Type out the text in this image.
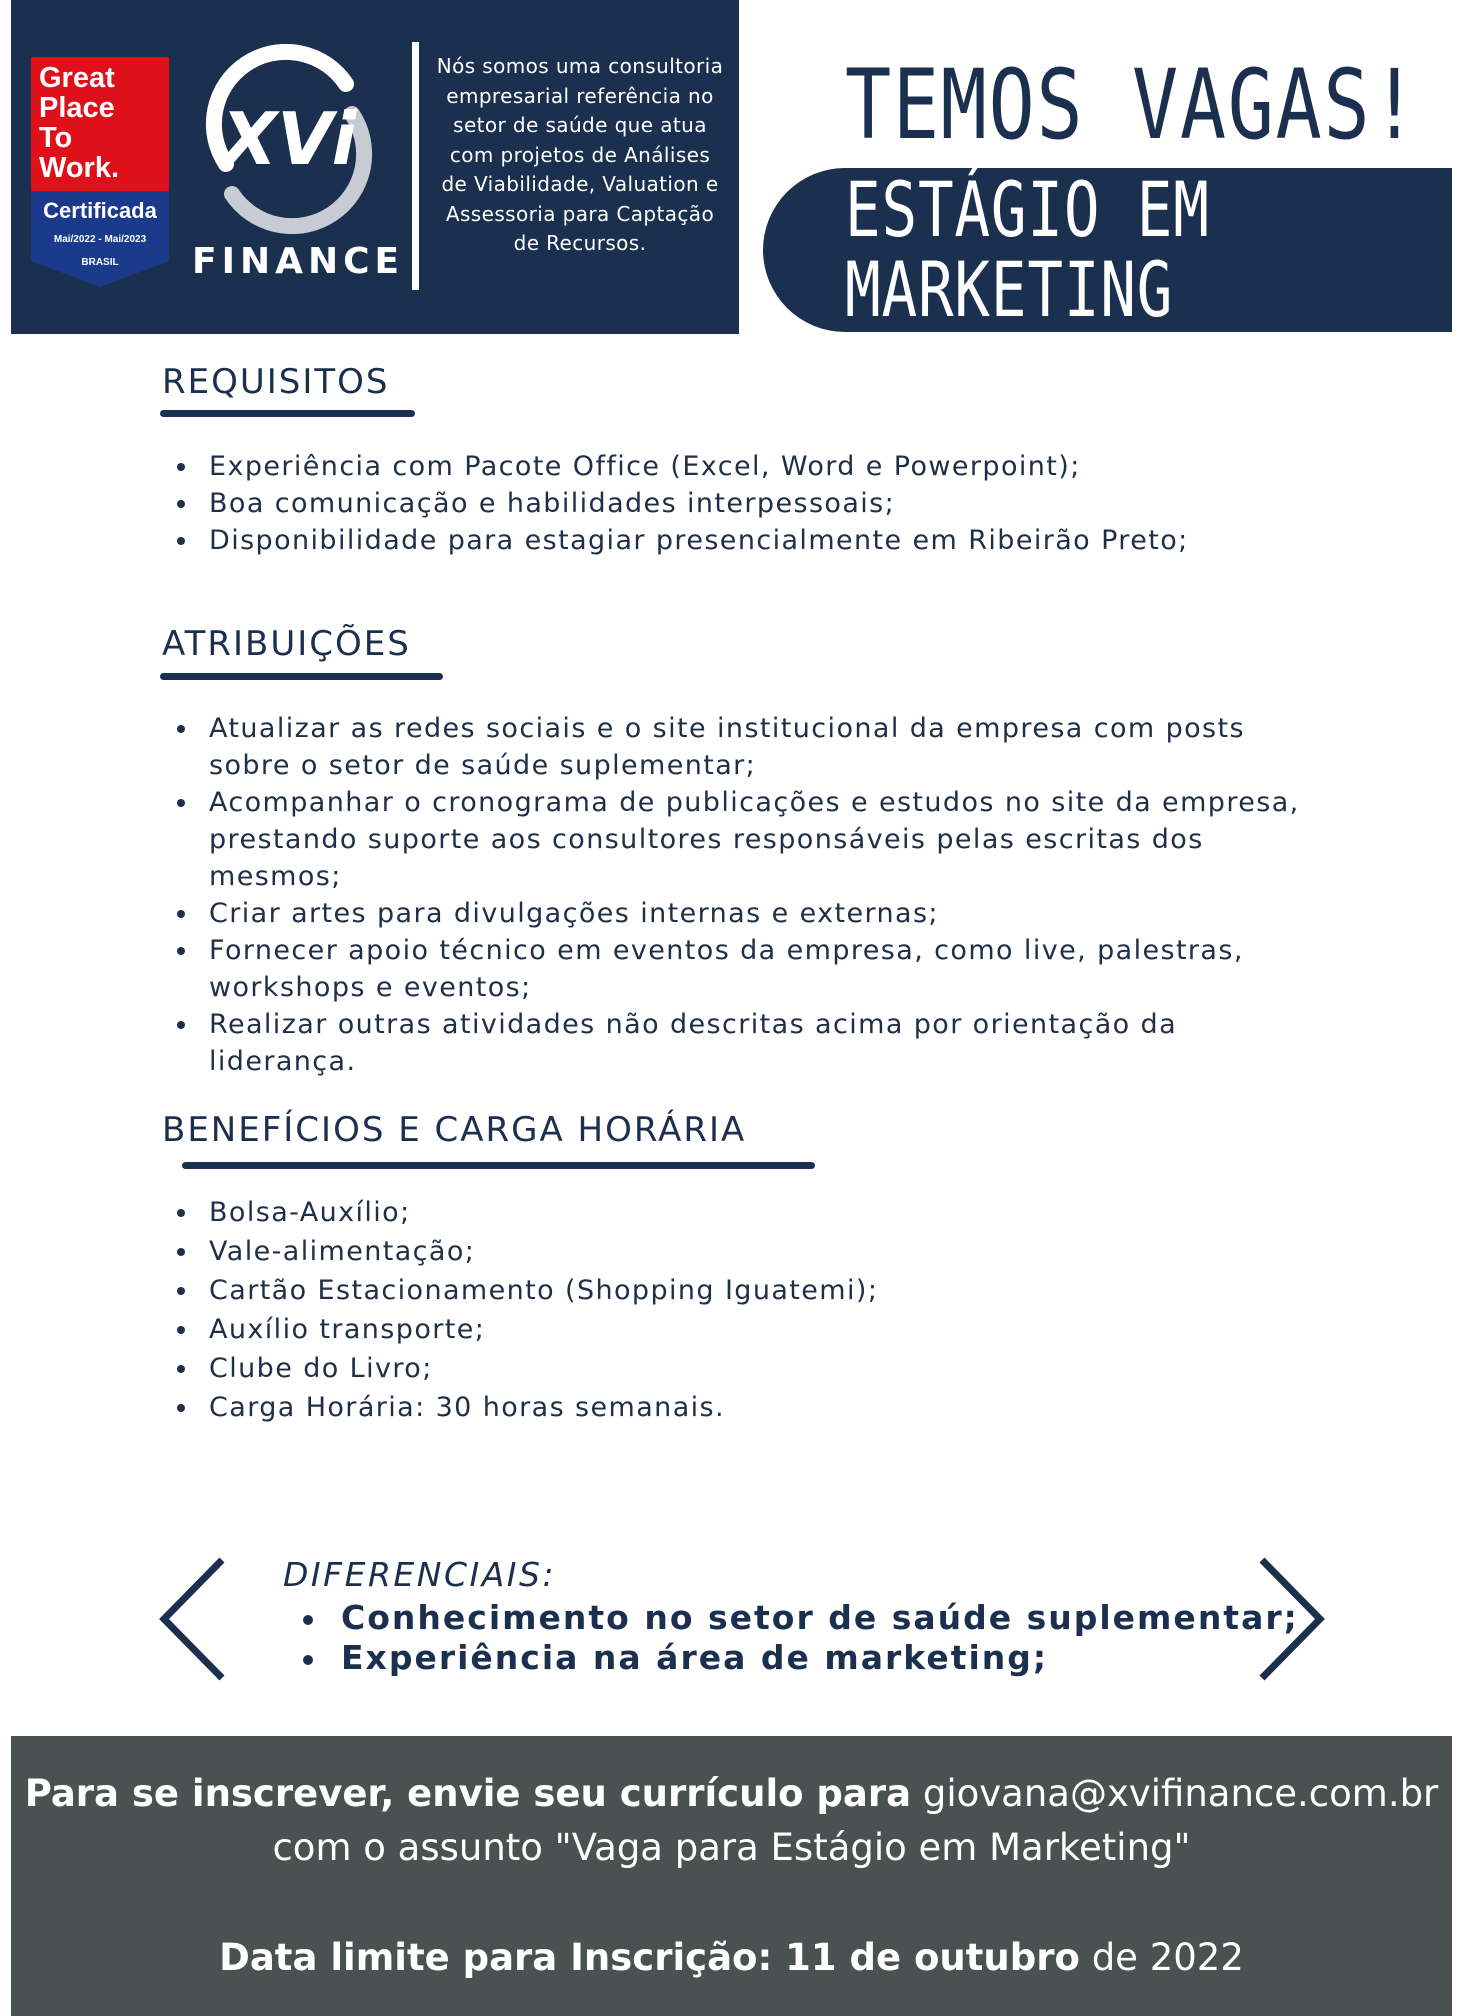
Great
Place
To
Work.
Certificada
Mai/2022 - Mai/2023
BRASIL
XVi
FINANCE
Nós somos uma consultoria empresarial referência no setor de saúde que atua com projetos de Análises de Viabilidade, Valuation e Assessoria para Captação de Recursos.
TEMOS VAGAS!
ESTÁGIO EM
MARKETING
REQUISITOS
Experiência com Pacote Office (Excel, Word e Powerpoint);
Boa comunicação e habilidades interpessoais;
Disponibilidade para estagiar presencialmente em Ribeirão Preto;
ATRIBUIÇÕES
Atualizar as redes sociais e o site institucional da empresa com posts
sobre o setor de saúde suplementar;
Acompanhar o cronograma de publicações e estudos no site da empresa,
prestando suporte aos consultores responsáveis pelas escritas dos
mesmos;
Criar artes para divulgações internas e externas;
Fornecer apoio técnico em eventos da empresa, como live, palestras,
workshops e eventos;
Realizar outras atividades não descritas acima por orientação da
liderança.
BENEFÍCIOS E CARGA HORÁRIA
Bolsa-Auxílio;
Vale-alimentação;
Cartão Estacionamento (Shopping Iguatemi);
Auxílio transporte;
Clube do Livro;
Carga Horária: 30 horas semanais.
DIFERENCIAIS:
Conhecimento no setor de saúde suplementar;
Experiência na área de marketing;
Para se inscrever, envie seu currículo para giovana@xvifinance.com.br
com o assunto "Vaga para Estágio em Marketing"
Data limite para Inscrição: 11 de outubro de 2022
